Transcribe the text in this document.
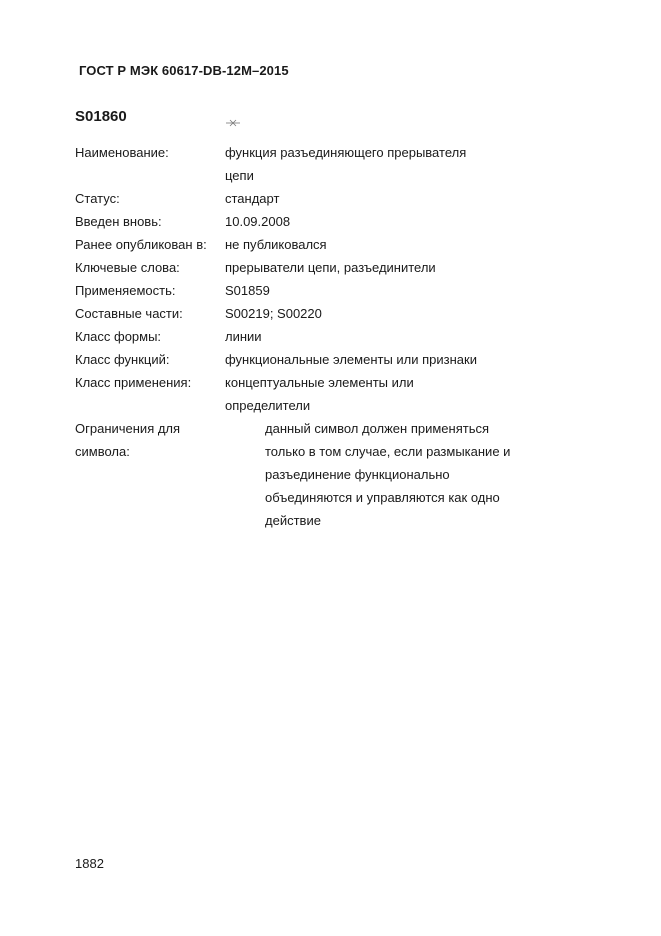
ГОСТ Р МЭК 60617-DB-12M–2015
S01860
Наименование:	функция разъединяющего прерывателя цепи
Статус:	стандарт
Введен вновь:	10.09.2008
Ранее опубликован в:	не публиковался
Ключевые слова:	прерыватели цепи, разъединители
Применяемость:	S01859
Составные части:	S00219; S00220
Класс формы:	линии
Класс функций:	функциональные элементы или признаки
Класс применения:	концептуальные элементы или определители
Ограничения для символа:
данный символ должен применяться только в том случае, если размыкание и разъединение функционально объединяются и управляются как одно действие
1882
